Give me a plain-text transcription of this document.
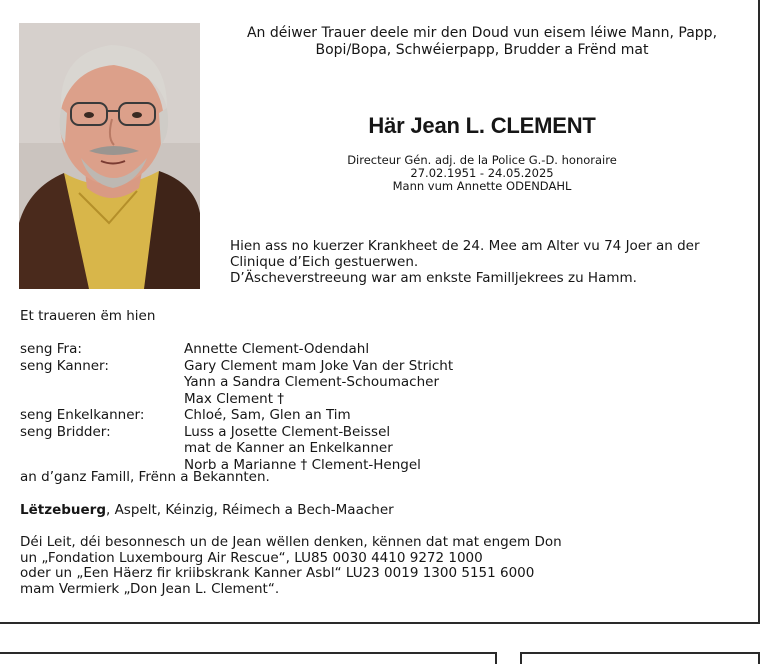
An déiwer Trauer deele mir den Doud vun eisem léiwe Mann, Papp,
Bopi/Bopa, Schwéierpapp, Brudder a Frënd mat
Här Jean L. CLEMENT
Directeur Gén. adj. de la Police G.-D. honoraire
27.02.1951 - 24.05.2025
Mann vum Annette ODENDAHL
Hien ass no kuerzer Krankheet de 24. Mee am Alter vu 74 Joer an der
Clinique d’Eich gestuerwen.
D’Äscheverstreeung war am enkste Familljekrees zu Hamm.
Et traueren ëm hien
seng Fra:	Annette Clement-Odendahl
seng Kanner:	Gary Clement mam Joke Van der Stricht
Yann a Sandra Clement-Schoumacher
Max Clement †
seng Enkelkanner:	Chloé, Sam, Glen an Tim
seng Bridder:	Luss a Josette Clement-Beissel
mat de Kanner an Enkelkanner
Norb a Marianne † Clement-Hengel
an d’ganz Famill, Frënn a Bekannten.
Lëtzebuerg, Aspelt, Kéinzig, Réimech a Bech-Maacher
Déi Leit, déi besonnesch un de Jean wëllen denken, kënnen dat mat engem Don
un „Fondation Luxembourg Air Rescue“, LU85 0030 4410 9272 1000
oder un „Een Häerz fir kriibskrank Kanner Asbl“ LU23 0019 1300 5151 6000
mam Vermierk „Don Jean L. Clement“.
